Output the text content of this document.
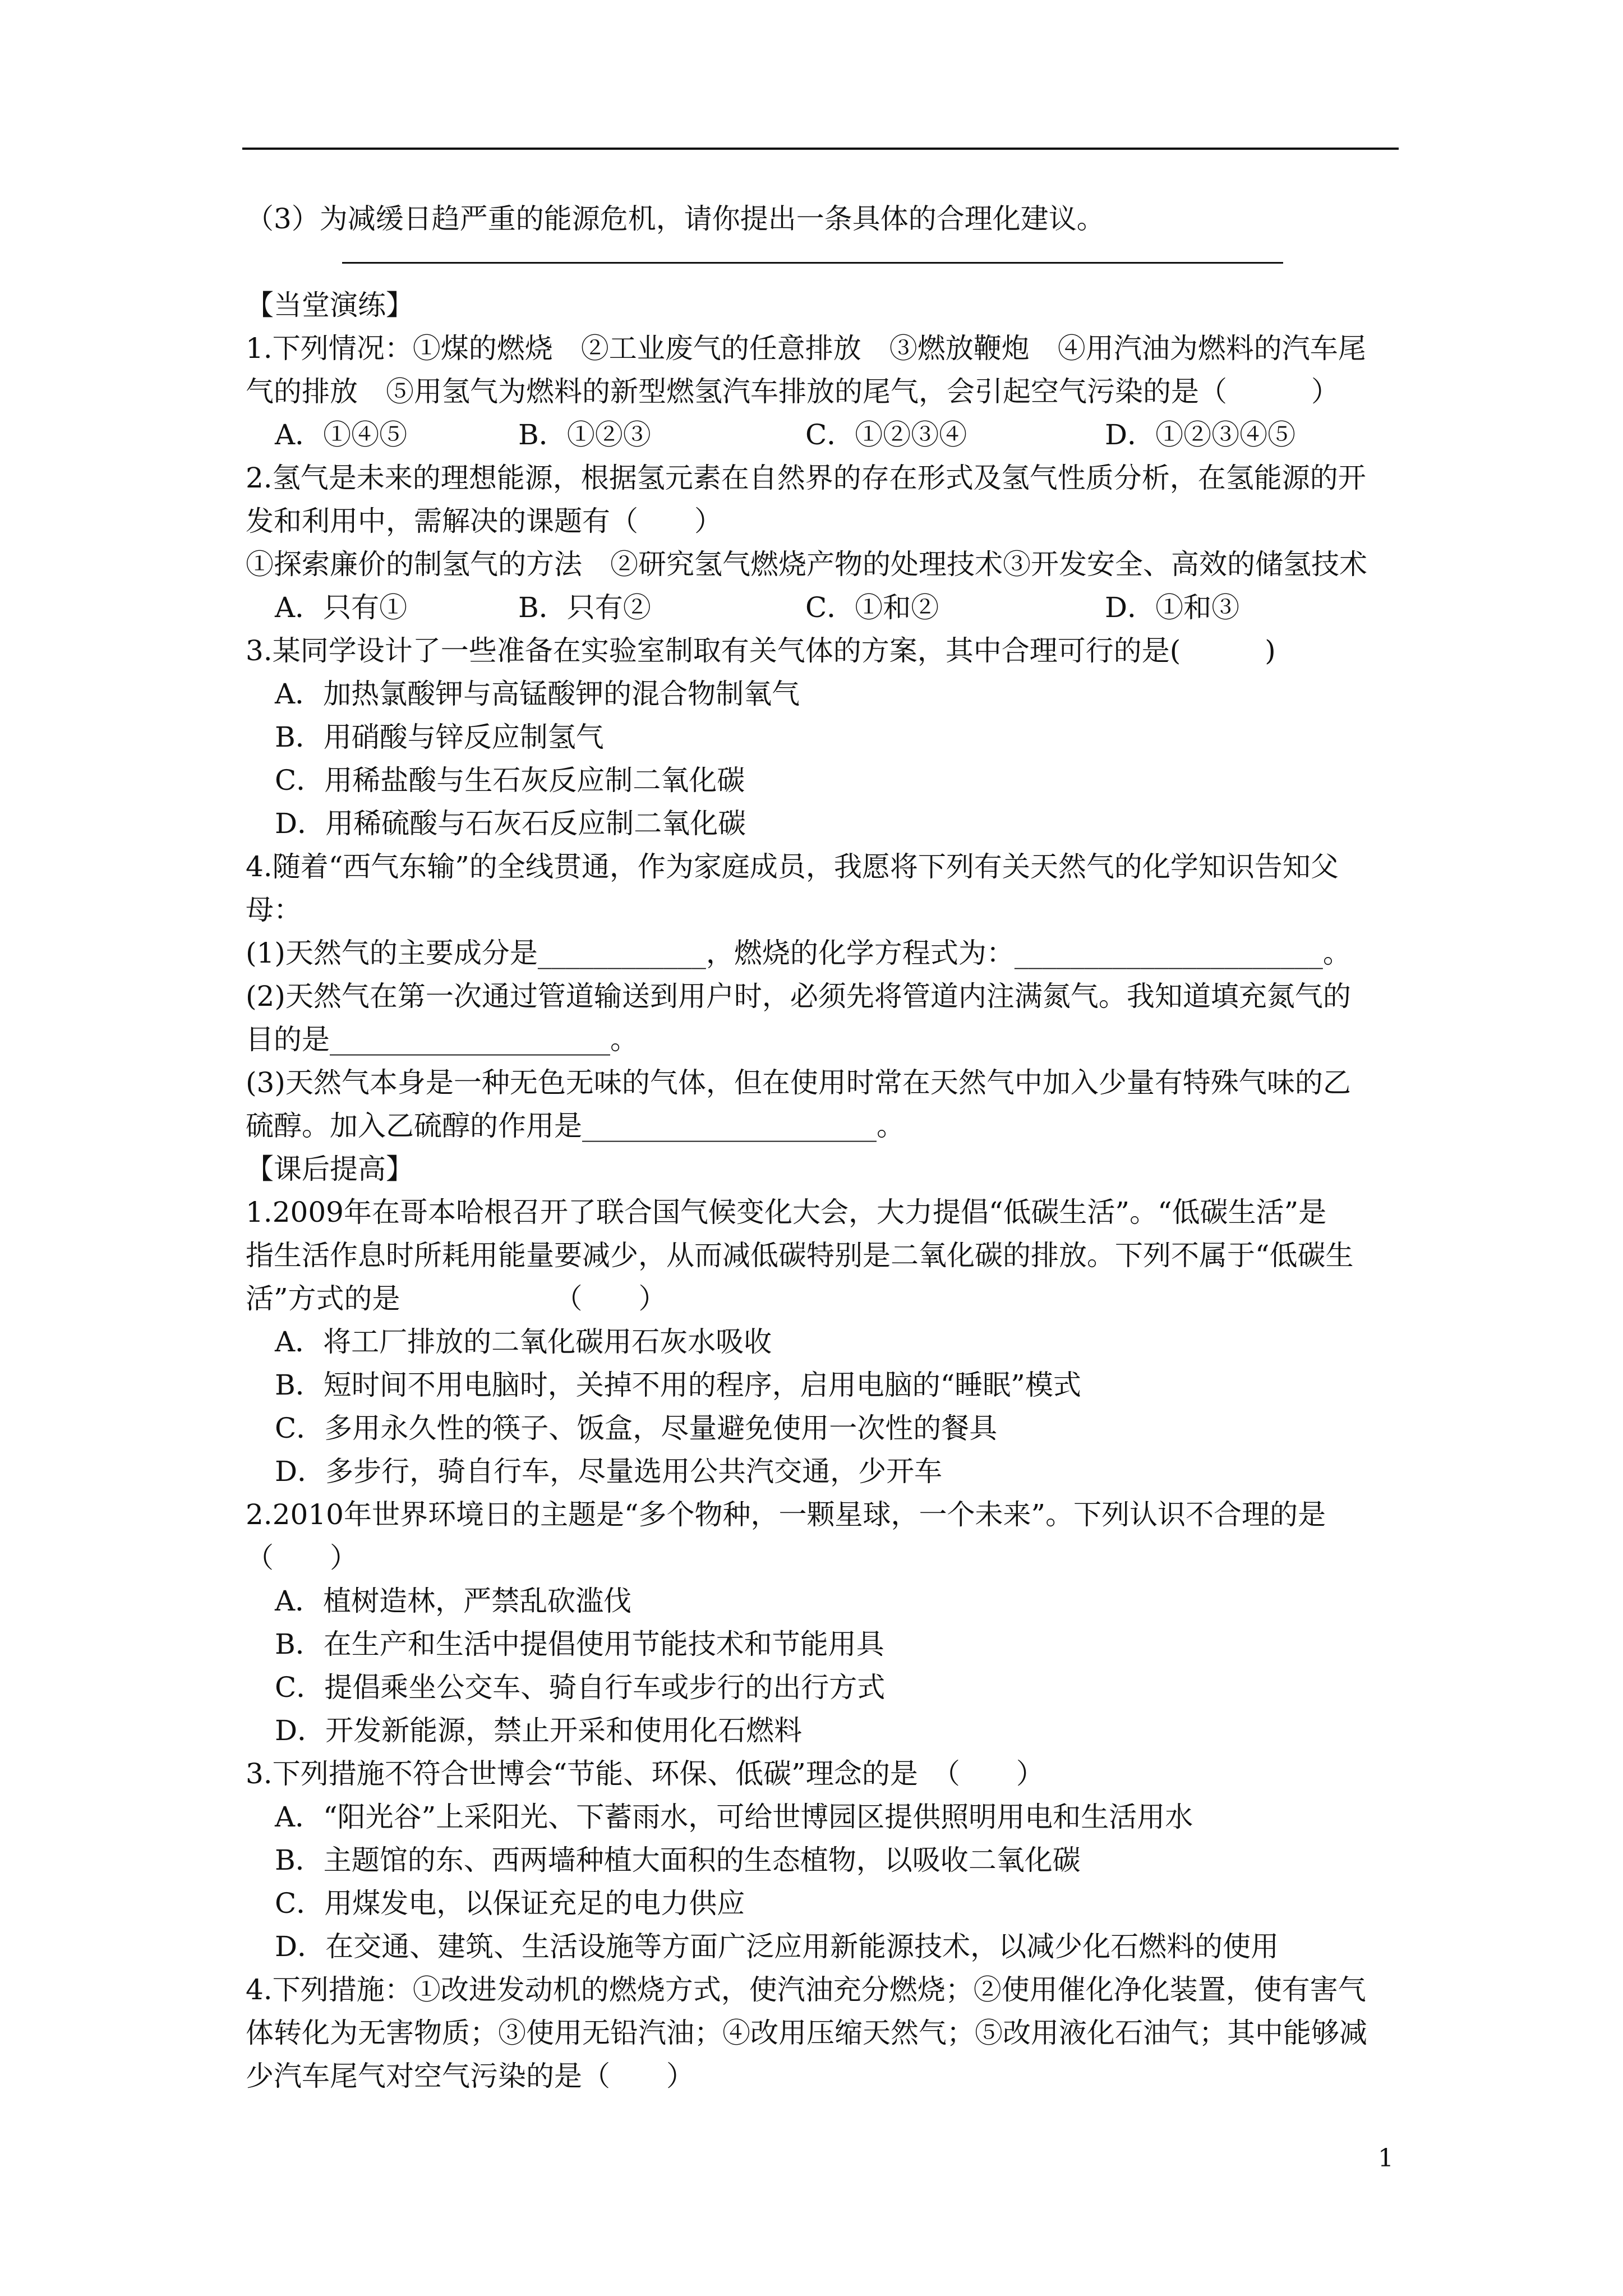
（3）为减缓日趋严重的能源危机，请你提出一条具体的合理化建议。
【当堂演练】
1.下列情况：①煤的燃烧　②工业废气的任意排放　③燃放鞭炮　④用汽油为燃料的汽车尾
气的排放　⑤用氢气为燃料的新型燃氢汽车排放的尾气，会引起空气污染的是（　　　）
A．①④⑤	B．①②③	C．①②③④	D．①②③④⑤
2.氢气是未来的理想能源，根据氢元素在自然界的存在形式及氢气性质分析，在氢能源的开
发和利用中，需解决的课题有（　　）
①探索廉价的制氢气的方法　②研究氢气燃烧产物的处理技术③开发安全、高效的储氢技术
A．只有①	B．只有②	C．①和②	D．①和③
3.某同学设计了一些准备在实验室制取有关气体的方案，其中合理可行的是(　　　)
A．加热氯酸钾与高锰酸钾的混合物制氧气
B．用硝酸与锌反应制氢气
C．用稀盐酸与生石灰反应制二氧化碳
D．用稀硫酸与石灰石反应制二氧化碳
4.随着“西气东输”的全线贯通，作为家庭成员，我愿将下列有关天然气的化学知识告知父
母：
(1)天然气的主要成分是____________，燃烧的化学方程式为：______________________。
(2)天然气在第一次通过管道输送到用户时，必须先将管道内注满氮气。我知道填充氮气的
目的是____________________。
(3)天然气本身是一种无色无味的气体，但在使用时常在天然气中加入少量有特殊气味的乙
硫醇。加入乙硫醇的作用是_____________________。
【课后提高】
1.2009年在哥本哈根召开了联合国气候变化大会，大力提倡“低碳生活”。“低碳生活”是
指生活作息时所耗用能量要减少，从而减低碳特别是二氧化碳的排放。下列不属于“低碳生
活”方式的是　　　　　　（　　）
A．将工厂排放的二氧化碳用石灰水吸收
B．短时间不用电脑时，关掉不用的程序，启用电脑的“睡眠”模式
C．多用永久性的筷子、饭盒，尽量避免使用一次性的餐具
D．多步行，骑自行车，尽量选用公共汽交通，少开车
2.2010年世界环境日的主题是“多个物种，一颗星球，一个未来”。下列认识不合理的是
（　　）
A．植树造林，严禁乱砍滥伐
B．在生产和生活中提倡使用节能技术和节能用具
C．提倡乘坐公交车、骑自行车或步行的出行方式
D．开发新能源，禁止开采和使用化石燃料
3.下列措施不符合世博会“节能、环保、低碳”理念的是　（　　）
A．“阳光谷”上采阳光、下蓄雨水，可给世博园区提供照明用电和生活用水
B．主题馆的东、西两墙种植大面积的生态植物，以吸收二氧化碳
C．用煤发电，以保证充足的电力供应
D．在交通、建筑、生活设施等方面广泛应用新能源技术，以减少化石燃料的使用
4.下列措施：①改进发动机的燃烧方式，使汽油充分燃烧；②使用催化净化装置，使有害气
体转化为无害物质；③使用无铅汽油；④改用压缩天然气；⑤改用液化石油气；其中能够减
少汽车尾气对空气污染的是（　　）
1
